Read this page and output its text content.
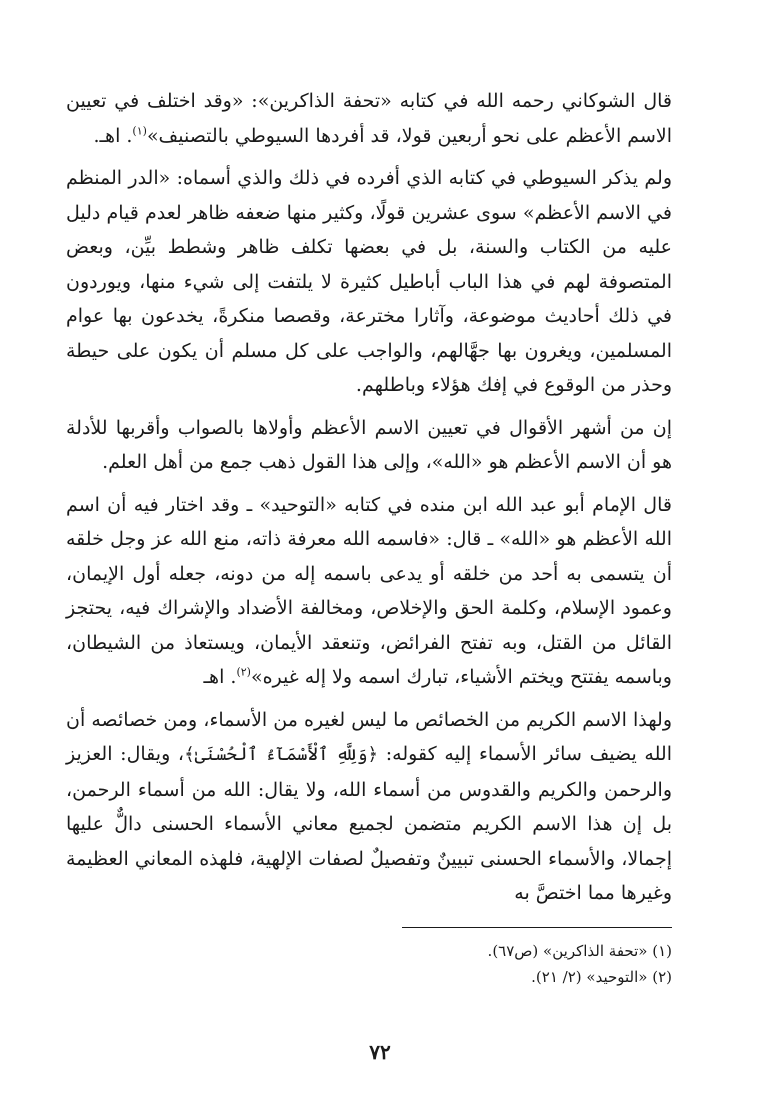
قال الشوكاني رحمه الله في كتابه «تحفة الذاكرين»: «وقد اختلف في تعيين الاسم الأعظم على نحو أربعين قولا، قد أفردها السيوطي بالتصنيف»$^{(١)}$. اهـ.

ولم يذكر السيوطي في كتابه الذي أفرده في ذلك والذي أسماه: «الدر المنظم في الاسم الأعظم» سوى عشرين قولًا، وكثير منها ضعفه ظاهر لعدم قيام دليل عليه من الكتاب والسنة، بل في بعضها تكلف ظاهر وشطط بيِّن، وبعض المتصوفة لهم في هذا الباب أباطيل كثيرة لا يلتفت إلى شيء منها، ويوردون في ذلك أحاديث موضوعة، وآثارا مخترعة، وقصصا منكرةً، يخدعون بها عوام المسلمين، ويغرون بها جهَّالهم، والواجب على كل مسلم أن يكون على حيطة وحذر من الوقوع في إفك هؤلاء وباطلهم.

إن من أشهر الأقوال في تعيين الاسم الأعظم وأولاها بالصواب وأقربها للأدلة هو أن الاسم الأعظم هو «الله»، وإلى هذا القول ذهب جمع من أهل العلم.

قال الإمام أبو عبد الله ابن منده في كتابه «التوحيد» ـ وقد اختار فيه أن اسم الله الأعظم هو «الله» ـ قال: «فاسمه الله معرفة ذاته، منع الله عز وجل خلقه أن يتسمى به أحد من خلقه أو يدعى باسمه إله من دونه، جعله أول الإيمان، وعمود الإسلام، وكلمة الحق والإخلاص، ومخالفة الأضداد والإشراك فيه، يحتجز القائل من القتل، وبه تفتح الفرائض، وتنعقد الأيمان، ويستعاذ من الشيطان، وباسمه يفتتح ويختم الأشياء، تبارك اسمه ولا إله غيره»$^{(٢)}$. اهـ

ولهذا الاسم الكريم من الخصائص ما ليس لغيره من الأسماء، ومن خصائصه أن الله يضيف سائر الأسماء إليه كقوله: ﴿وَلِلَّهِ ٱلْأَسْمَآءُ ٱلْحُسْنَىٰ﴾، ويقال: العزيز والرحمن والكريم والقدوس من أسماء الله، ولا يقال: الله من أسماء الرحمن، بل إن هذا الاسم الكريم متضمن لجميع معاني الأسماء الحسنى دالٌّ عليها إجمالا، والأسماء الحسنى تبيينٌ وتفصيلٌ لصفات الإلهية، فلهذه المعاني العظيمة وغيرها مما اختصَّ به

(١) «تحفة الذاكرين» (ص٦٧).

(٢) «التوحيد» (٢/ ٢١).

٧٢
